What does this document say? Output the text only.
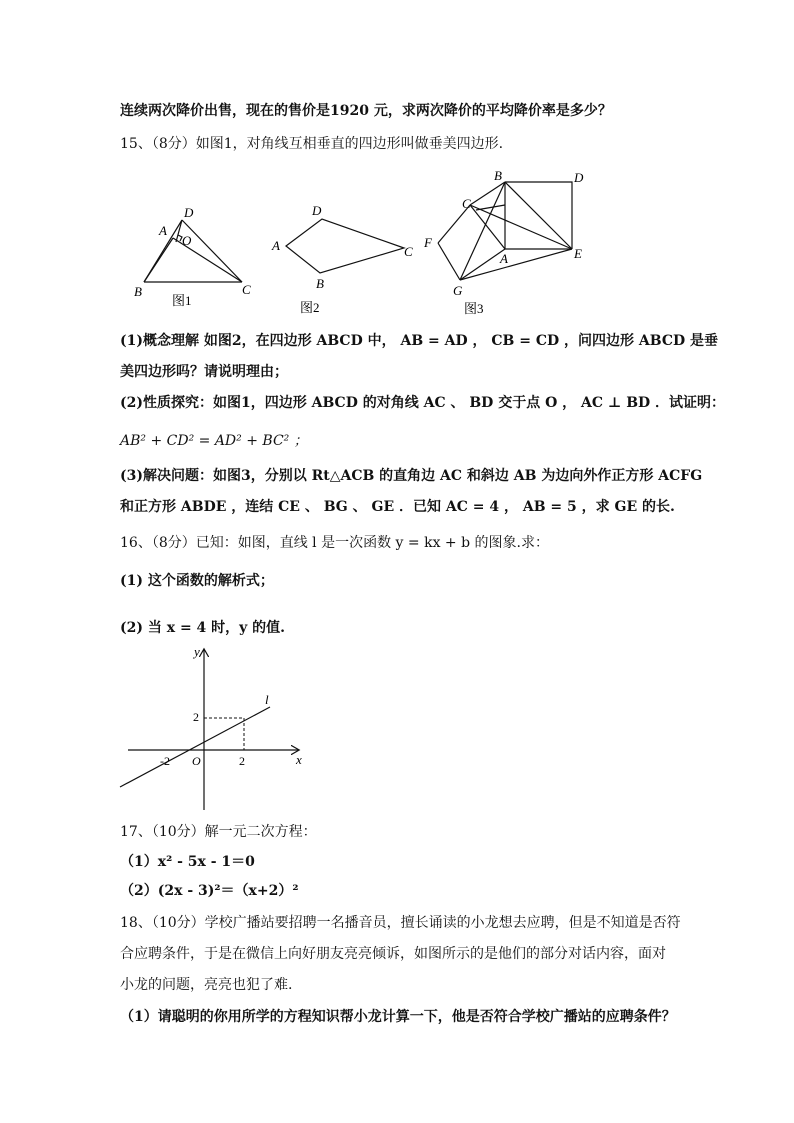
连续两次降价出售，现在的售价是1920 元，求两次降价的平均降价率是多少？
15、（8分）如图1，对角线互相垂直的四边形叫做垂美四边形.
D
A
O
B	C
图1
D
A	C
B
图2
B	D
C
F
A	E
G
图3
(1)概念理解 如图2，在四边形 ABCD 中， AB = AD ， CB = CD ，问四边形 ABCD 是垂
美四边形吗？请说明理由；
(2)性质探究：如图1，四边形 ABCD 的对角线 AC 、 BD 交于点 O ， AC ⊥ BD ．试证明：
AB² + CD² = AD² + BC² ；
(3)解决问题：如图3，分别以 Rt△ACB 的直角边 AC 和斜边 AB 为边向外作正方形 ACFG
和正方形 ABDE ，连结 CE 、 BG 、 GE ．已知 AC = 4 ， AB = 5 ，求 GE 的长.
16、（8分）已知：如图，直线 l 是一次函数 y = kx + b 的图象.求：
(1) 这个函数的解析式；
(2) 当 x = 4 时，y 的值.
y
x
l
2
O
-2	2
17、（10分）解一元二次方程：
（1）x² - 5x - 1＝0
（2）(2x - 3)²＝（x+2）²
18、（10分）学校广播站要招聘一名播音员，擅长诵读的小龙想去应聘，但是不知道是否符
合应聘条件，于是在微信上向好朋友亮亮倾诉，如图所示的是他们的部分对话内容，面对
小龙的问题，亮亮也犯了难.
（1）请聪明的你用所学的方程知识帮小龙计算一下，他是否符合学校广播站的应聘条件？
